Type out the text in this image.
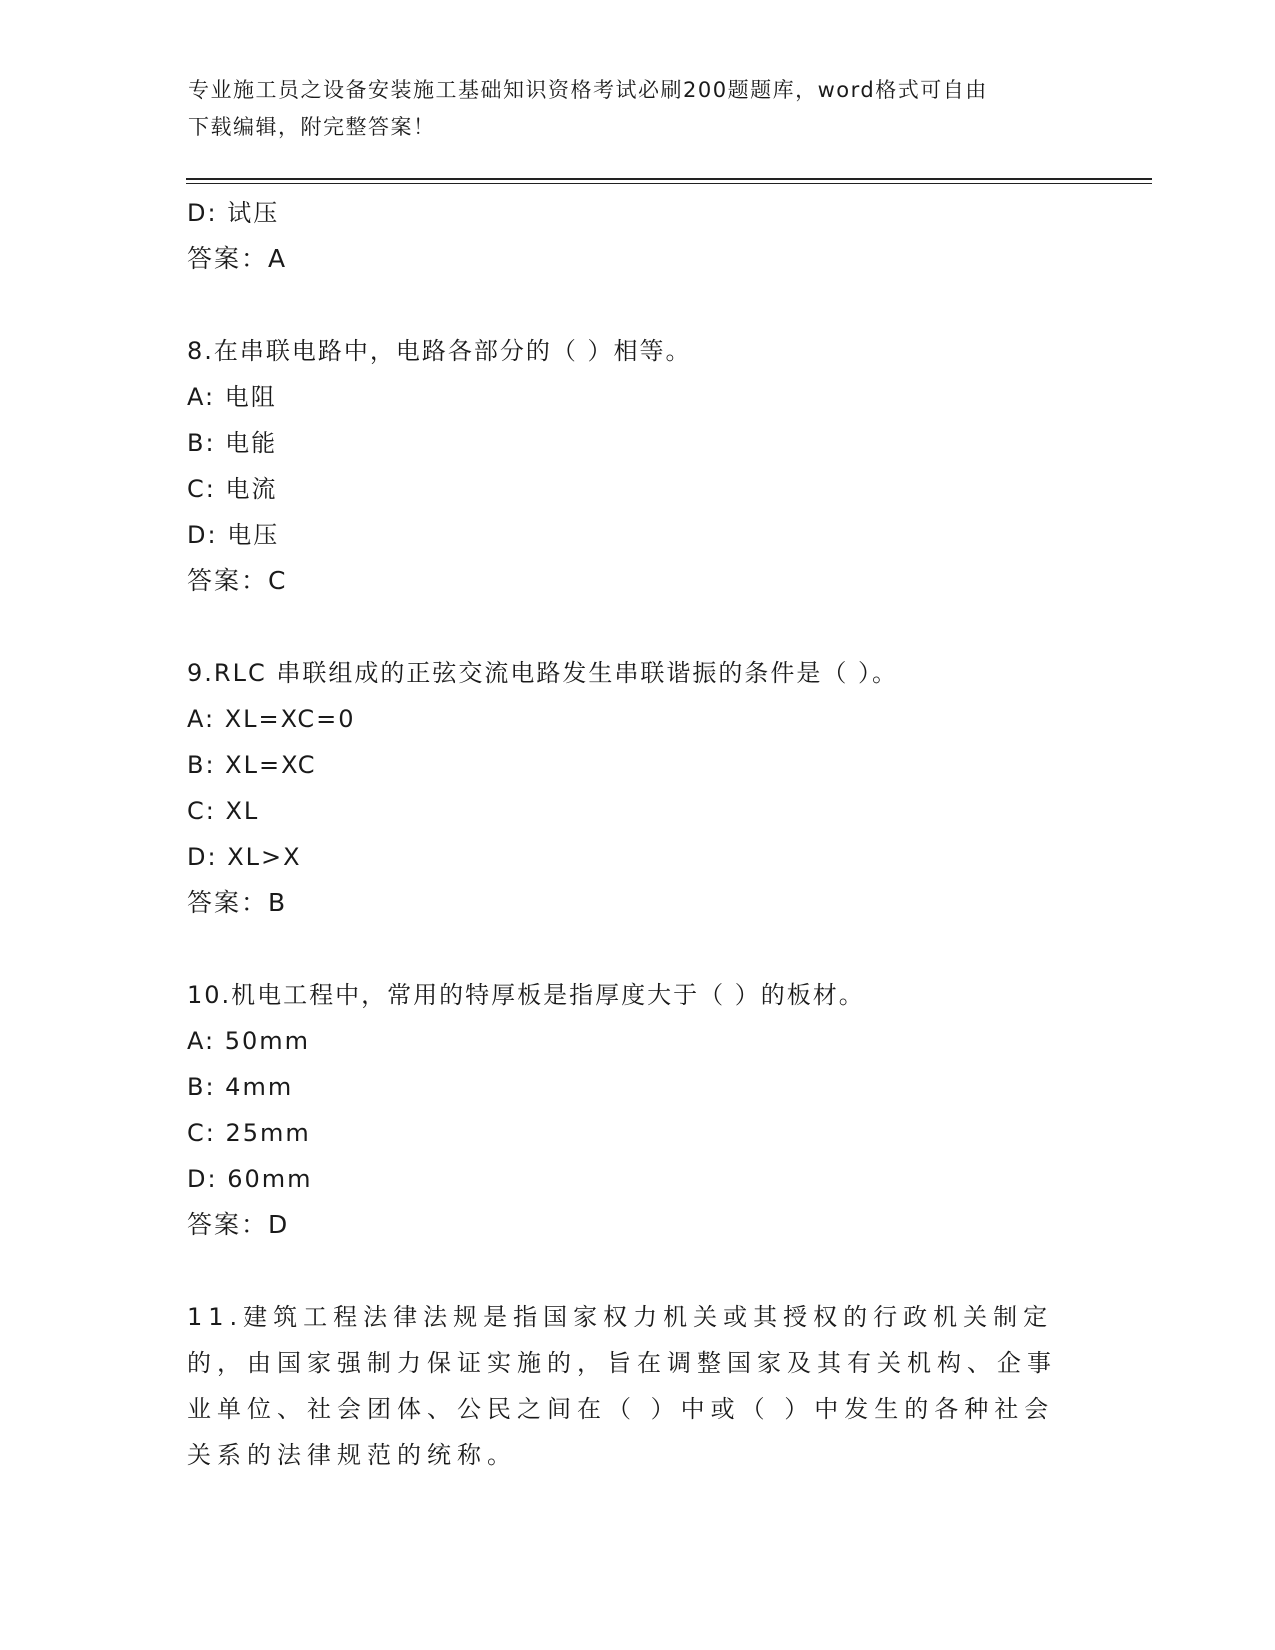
专业施工员之设备安装施工基础知识资格考试必刷200题题库，word格式可自由
下载编辑，附完整答案！
D: 试压
答案：A
8.在串联电路中，电路各部分的（ ）相等。
A: 电阻
B: 电能
C: 电流
D: 电压
答案：C
9.RLC 串联组成的正弦交流电路发生串联谐振的条件是（ ）。
A: XL=XC=0
B: XL=XC
C: XL
D: XL>X
答案：B
10.机电工程中，常用的特厚板是指厚度大于（ ）的板材。
A: 50mm
B: 4mm
C: 25mm
D: 60mm
答案：D
11.建筑工程法律法规是指国家权力机关或其授权的行政机关制定的，由国家强制力保证实施的，旨在调整国家及其有关机构、企事业单位、社会团体、公民之间在（ ）中或（ ）中发生的各种社会关系的法律规范的统称。
